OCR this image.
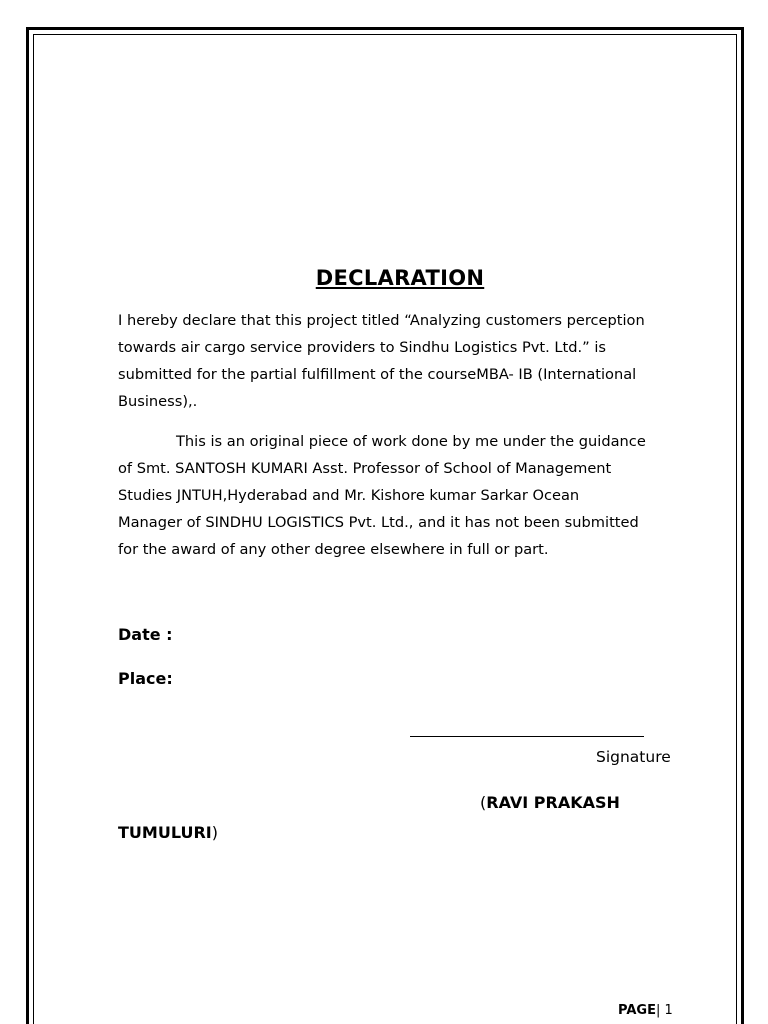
DECLARATION

I hereby declare that this project titled “Analyzing customers perception
towards air cargo service providers to Sindhu Logistics Pvt. Ltd.” is
submitted for the partial fulfillment of the courseMBA- IB (International
Business),.

This is an original piece of work done by me under the guidance
of Smt. SANTOSH KUMARI Asst. Professor of School of Management
Studies JNTUH,Hyderabad and Mr. Kishore kumar Sarkar Ocean
Manager of SINDHU LOGISTICS Pvt. Ltd., and it has not been submitted
for the award of any other degree elsewhere in full or part.

Date :
Place:
Signature
(RAVI PRAKASH
TUMULURI)
PAGE| 1
